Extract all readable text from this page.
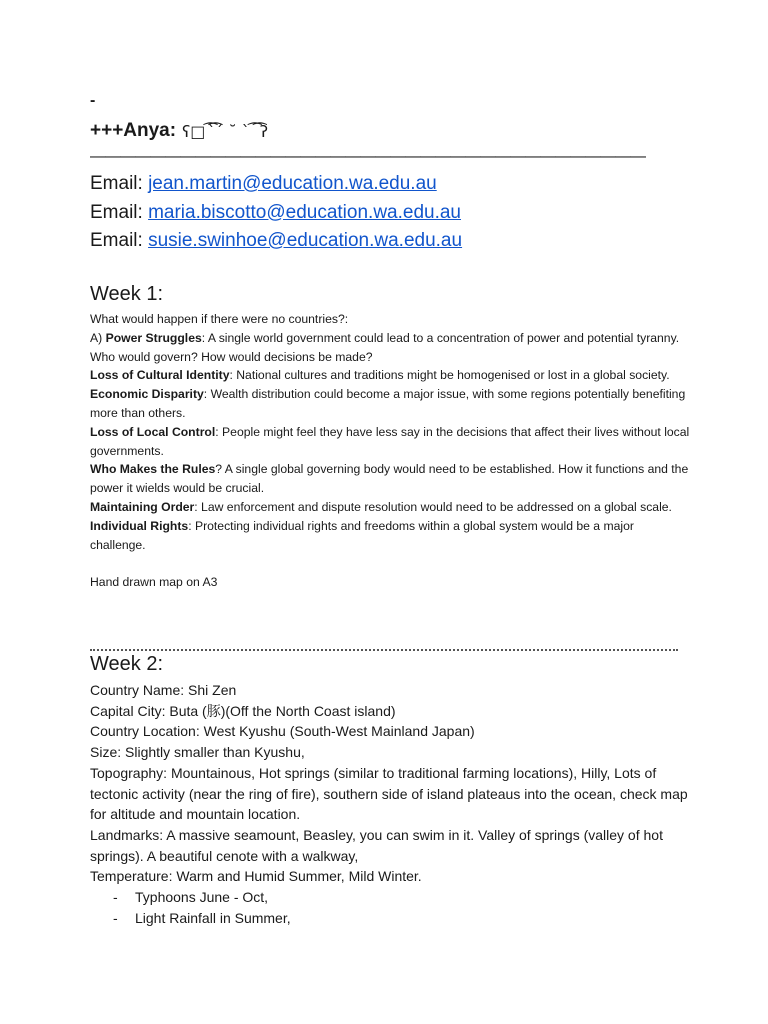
-
+++Anya: ʕ□ ͡ ̀͡´ ˘ ` ͡ ͡ʔ
—————————————————————————————————————
Email: jean.martin@education.wa.edu.au
Email: maria.biscotto@education.wa.edu.au
Email: susie.swinhoe@education.wa.edu.au
Week 1:

What would happen if there were no countries?:

A) Power Struggles: A single world government could lead to a concentration of power and potential tyranny. Who would govern? How would decisions be made?

Loss of Cultural Identity: National cultures and traditions might be homogenised or lost in a global society.

Economic Disparity: Wealth distribution could become a major issue, with some regions potentially benefiting more than others.

Loss of Local Control: People might feel they have less say in the decisions that affect their lives without local governments.

Who Makes the Rules? A single global governing body would need to be established. How it functions and the power it wields would be crucial.

Maintaining Order: Law enforcement and dispute resolution would need to be addressed on a global scale.

Individual Rights: Protecting individual rights and freedoms within a global system would be a major challenge.

Hand drawn map on A3

Week 2:

Country Name: Shi Zen

Capital City: Buta (豚)(Off the North Coast island)

Country Location: West Kyushu (South-West Mainland Japan)

Size: Slightly smaller than Kyushu,

Topography: Mountainous, Hot springs (similar to traditional farming locations), Hilly, Lots of tectonic activity (near the ring of fire), southern side of island plateaus into the ocean, check map for altitude and mountain location.

Landmarks: A massive seamount, Beasley, you can swim in it. Valley of springs (valley of hot springs). A beautiful cenote with a walkway,

Temperature: Warm and Humid Summer, Mild Winter.

- Typhoons June - Oct,
- Light Rainfall in Summer,
